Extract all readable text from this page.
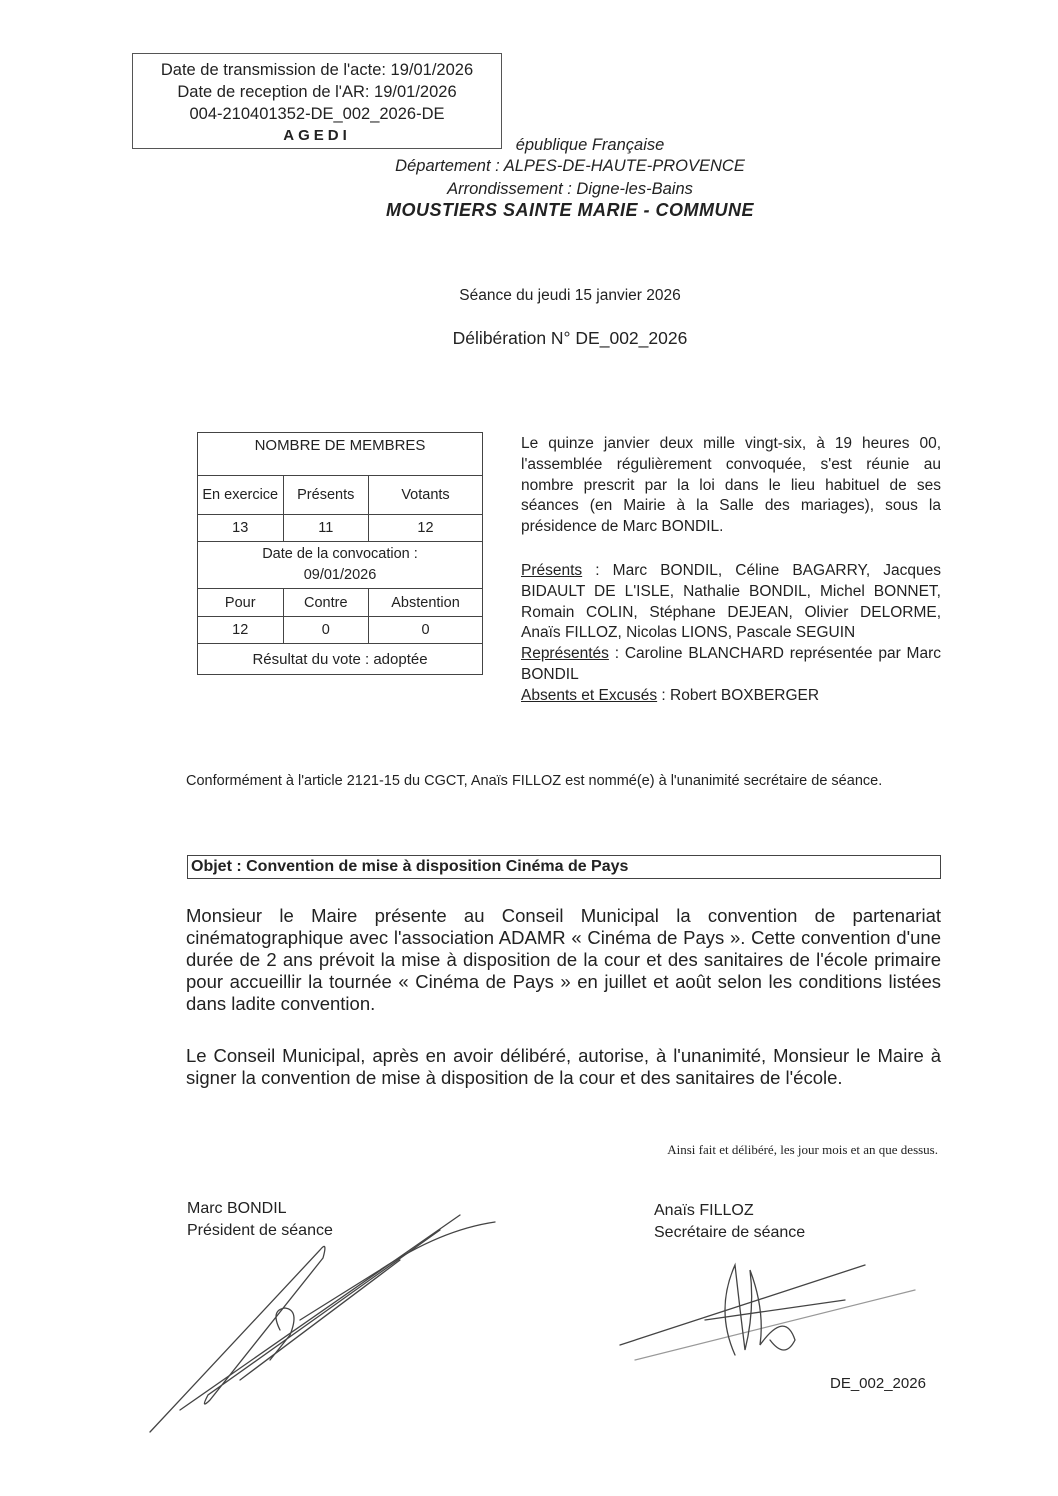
Date de transmission de l'acte: 19/01/2026
Date de reception de l'AR: 19/01/2026
004-210401352-DE_002_2026-DE
AGEDI
épublique Française
Département : ALPES-DE-HAUTE-PROVENCE
Arrondissement : Digne-les-Bains
MOUSTIERS SAINTE MARIE - COMMUNE
Séance du jeudi 15 janvier 2026
Délibération N° DE_002_2026
NOMBRE DE MEMBRES		
En exercice	Présents	Votants
13	11	12

Date de la convocation :
09/01/2026		

Pour	Contre	Abstention
12	0	0
Résultat du vote : adoptée		
Le quinze janvier deux mille vingt-six, à 19 heures 00, l'assemblée régulièrement convoquée, s'est réunie au nombre prescrit par la loi dans le lieu habituel de ses séances (en Mairie à la Salle des mariages), sous la présidence de Marc BONDIL.
Présents : Marc BONDIL, Céline BAGARRY, Jacques BIDAULT DE L'ISLE, Nathalie BONDIL, Michel BONNET, Romain COLIN, Stéphane DEJEAN, Olivier DELORME, Anaïs FILLOZ, Nicolas LIONS, Pascale SEGUIN
Représentés : Caroline BLANCHARD représentée par Marc BONDIL
Absents et Excusés : Robert BOXBERGER
Conformément à l'article 2121-15 du CGCT, Anaïs FILLOZ est nommé(e) à l'unanimité secrétaire de séance.
Objet : Convention de mise à disposition Cinéma de Pays
Monsieur le Maire présente au Conseil Municipal la convention de partenariat cinématographique avec l'association ADAMR « Cinéma de Pays ». Cette convention d'une durée de 2 ans prévoit la mise à disposition de la cour et des sanitaires de l'école primaire pour accueillir la tournée « Cinéma de Pays » en juillet et août selon les conditions listées dans ladite convention.
Le Conseil Municipal, après en avoir délibéré, autorise, à l'unanimité, Monsieur le Maire à signer la convention de mise à disposition de la cour et des sanitaires de l'école.
Ainsi fait et délibéré, les jour mois et an que dessus.
Marc BONDIL
Président de séance
Anaïs FILLOZ
Secrétaire de séance
DE_002_2026
